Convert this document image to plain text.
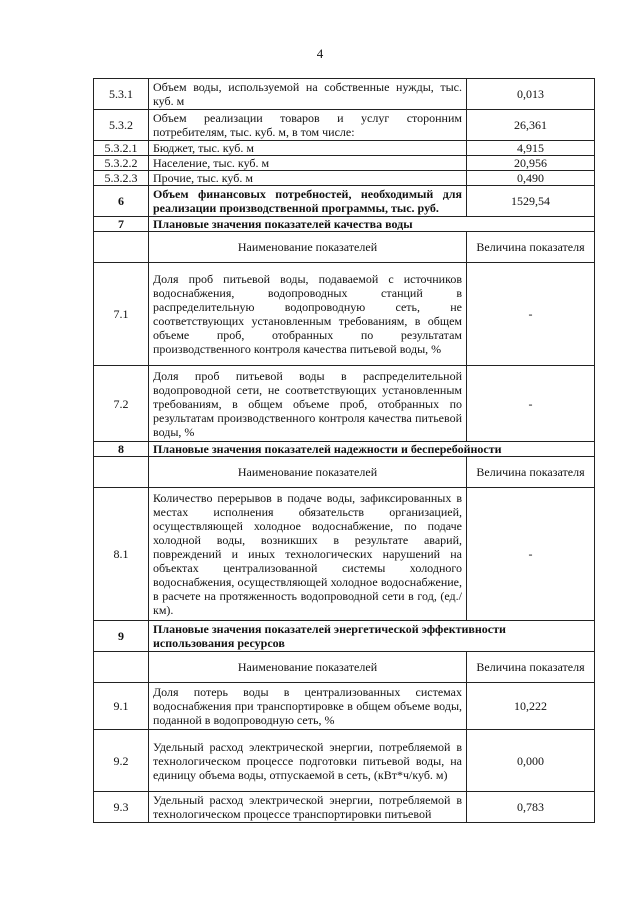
4
5.3.1	Объем воды, используемой на собственные нужды, тыс. куб. м	0,013
5.3.2	Объем реализации товаров и услуг сторонним потребителям, тыс. куб. м, в том числе:	26,361
5.3.2.1	Бюджет, тыс. куб. м	4,915
5.3.2.2	Население, тыс. куб. м	20,956
5.3.2.3	Прочие, тыс. куб. м	0,490
6	Объем финансовых потребностей, необходимый для реализации производственной программы, тыс. руб.	1529,54
7	Плановые значения показателей качества воды	
	Наименование показателей	Величина показателя
7.1	Доля проб питьевой воды, подаваемой с источников водоснабжения, водопроводных станций в распределительную водопроводную сеть, не соответствующих установленным требованиям, в общем объеме проб, отобранных по результатам производственного контроля качества питьевой воды, %	-
7.2	Доля проб питьевой воды в распределительной водопроводной сети, не соответствующих установленным требованиям, в общем объеме проб, отобранных по результатам производственного контроля качества питьевой воды, %	-
8	Плановые значения показателей надежности и бесперебойности	
	Наименование показателей	Величина показателя
8.1	Количество перерывов в подаче воды, зафиксированных в местах исполнения обязательств организацией, осуществляющей холодное водоснабжение, по подаче холодной воды, возникших в результате аварий, повреждений и иных технологических нарушений на объектах централизованной системы холодного водоснабжения, осуществляющей холодное водоснабжение, в расчете на протяженность водопроводной сети в год, (ед./км).	-
9	Плановые значения показателей энергетической эффективности использования ресурсов	
	Наименование показателей	Величина показателя
9.1	Доля потерь воды в централизованных системах водоснабжения при транспортировке в общем объеме воды, поданной в водопроводную сеть, %	10,222
9.2	Удельный расход электрической энергии, потребляемой в технологическом процессе подготовки питьевой воды, на единицу объема воды, отпускаемой в сеть, (кВт*ч/куб. м)	0,000
9.3	Удельный расход электрической энергии, потребляемой в технологическом процессе транспортировки питьевой	0,783
